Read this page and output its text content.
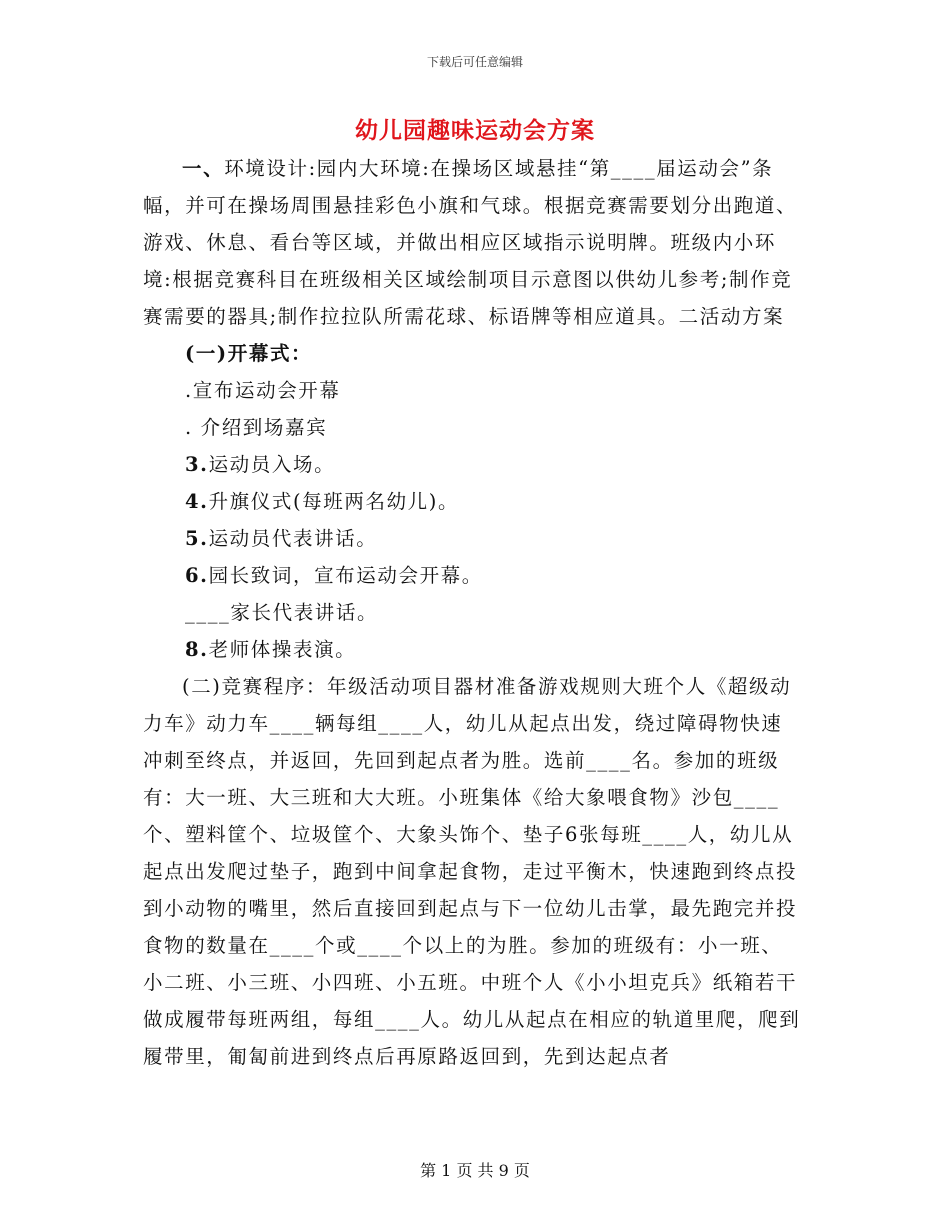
下载后可任意编辑
幼儿园趣味运动会方案

一、环境设计:园内大环境:在操场区域悬挂“第____届运动会”条幅，并可在操场周围悬挂彩色小旗和气球。根据竞赛需要划分出跑道、游戏、休息、看台等区域，并做出相应区域指示说明牌。班级内小环境:根据竞赛科目在班级相关区域绘制项目示意图以供幼儿参考;制作竞赛需要的器具;制作拉拉队所需花球、标语牌等相应道具。二活动方案

(一)开幕式：
.宣布运动会开幕
. 介绍到场嘉宾
3.运动员入场。
4.升旗仪式(每班两名幼儿)。
5.运动员代表讲话。
6.园长致词，宣布运动会开幕。
____家长代表讲话。
8.老师体操表演。

(二)竞赛程序：年级活动项目器材准备游戏规则大班个人《超级动力车》动力车____辆每组____人，幼儿从起点出发，绕过障碍物快速冲刺至终点，并返回，先回到起点者为胜。选前____名。参加的班级有：大一班、大三班和大大班。小班集体《给大象喂食物》沙包____个、塑料筐个、垃圾筐个、大象头饰个、垫子6张每班____人，幼儿从起点出发爬过垫子，跑到中间拿起食物，走过平衡木，快速跑到终点投到小动物的嘴里，然后直接回到起点与下一位幼儿击掌，最先跑完并投食物的数量在____个或____个以上的为胜。参加的班级有：小一班、小二班、小三班、小四班、小五班。中班个人《小小坦克兵》纸箱若干做成履带每班两组，每组____人。幼儿从起点在相应的轨道里爬，爬到履带里，匍匐前进到终点后再原路返回到，先到达起点者

第 1 页 共 9 页
